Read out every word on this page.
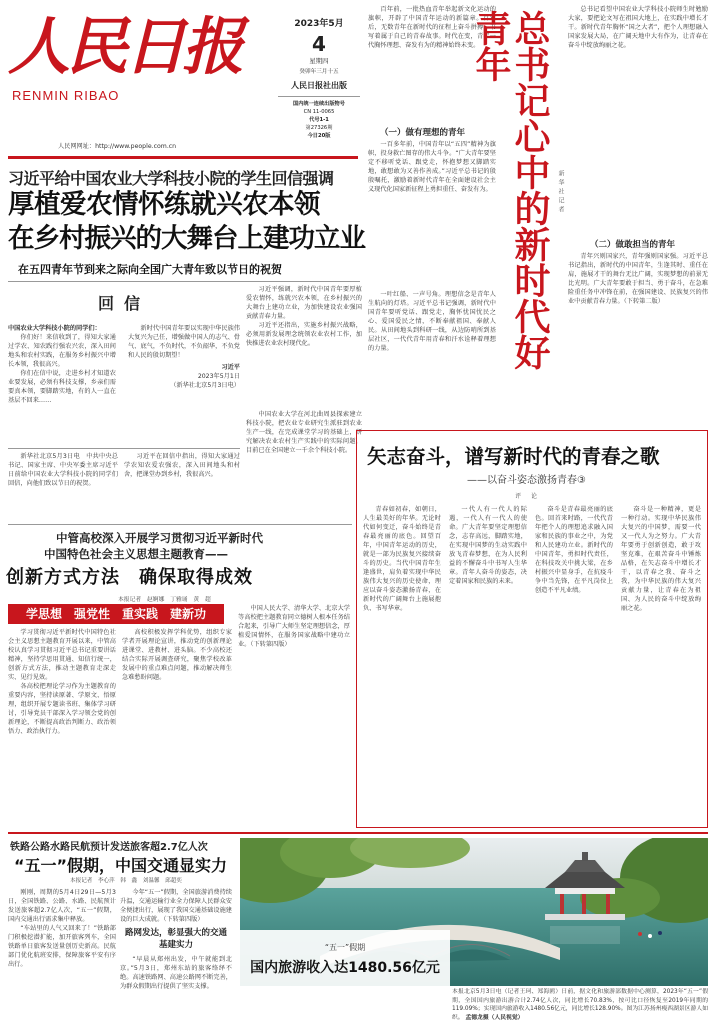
人民日报
RENMIN RIBAO
人民网网址：http://www.people.com.cn
2023年5月
4
星期四
癸卯年三月十五
人民日报社出版
国内统一连续出版物号
CN 11-0065
代号1-1
第27326期
今日20版

百年前，一批热血青年举起新文化运动的旗帜，开辟了中国青年运动的新篇章。百年后，无数青年在新时代的征程上奋斗拼搏，书写着属于自己的青春故事。时代在变，青年一代胸怀理想、奋发有为的精神始终未变。

（一）做有理想的青年

一百多年前，中国青年以“五四”精神为旗帜，投身救亡图存的伟大斗争。“广大青年要坚定不移听党话、跟党走，怀抱梦想又脚踏实地，敢想敢为又善作善成。”习近平总书记的殷殷嘱托，激励着新时代青年在全面建设社会主义现代化国家新征程上勇担重任、奋发有为。

一叶红船、一声号角。理想信念是青年人生航向的灯塔。习近平总书记强调，新时代中国青年要听党话、跟党走，胸怀忧国忧民之心、爱国爱民之情，不断奉献祖国、奉献人民。从田间地头到科研一线，从边防哨所到基层社区，一代代青年用青春和汗水诠释着理想的力量。	总书记心中的新时代好青年
新华社记者

总书记看望中国农业大学科技小院师生时勉励大家，要把论文写在祖国大地上，在实践中增长才干。新时代青年胸怀“国之大者”，把个人理想融入国家发展大局，在广阔天地中大有作为，让青春在奋斗中绽放绚丽之花。

（二）做敢担当的青年

青年兴则国家兴，青年强则国家强。习近平总书记指出，新时代的中国青年，生逢其时、重任在肩，施展才干的舞台无比广阔，实现梦想的前景无比光明。广大青年要敢于担当、勇于奋斗，在急难险重任务中冲锋在前，在强国建设、民族复兴的伟业中贡献青春力量。（下转第二版）

习近平给中国农业大学科技小院的学生回信强调
厚植爱农情怀练就兴农本领
在乡村振兴的大舞台上建功立业
在五四青年节到来之际向全国广大青年致以节日的祝贺
回信
中国农业大学科技小院的同学们：

你们好！来信收到了，得知大家通过学农、知农践行强农兴农，深入田间地头和农村实践，在服务乡村振兴中增长本领，我很高兴。

你们在信中说，走进乡村才知道农业要发展，必须有科技支撑，乡亲们需要真本领，要脚踏实地，有的人一直在基层不回来……

新时代中国青年要以实现中华民族伟大复兴为己任，增强做中国人的志气、骨气、底气，不负时代，不负韶华，不负党和人民的殷切期望！

习近平
2023年5月1日
（新华社北京5月3日电）

新华社北京5月3日电　中共中央总书记、国家主席、中央军委主席习近平日前给中国农业大学科技小院的同学们回信，向他们致以节日的祝贺。

习近平在回信中指出，得知大家通过学农知农爱农强农，深入田间地头和村舍，把课堂办到乡村，我很高兴。

习近平强调，新时代中国青年要厚植爱农情怀，练就兴农本领，在乡村振兴的大舞台上建功立业，为加快建设农业强国贡献青春力量。

习近平还指出，实施乡村振兴战略，必须用新发展理念统领农业农村工作，加快推进农业农村现代化。

中国农业大学在河北曲周县探索建立科技小院，把农业专业研究生派驻到农业生产一线，在完成课堂学习的基础上，研究解决农业农村生产实践中的实际问题，目前已在全国建立一千余个科技小院。 矢志奋斗，谱写新时代的青春之歌
——以奋斗姿态激扬青春③
评　论

青春如初春，如朝日，人生最美好的年华。无论时代如何变迁，奋斗始终是青春最亮丽的底色。回望百年，中国青年运动的历史，就是一部为民族复兴接续奋斗的历史。当代中国青年生逢盛世，肩负着实现中华民族伟大复兴的历史使命，理应以奋斗姿态激扬青春，在新时代的广阔舞台上施展抱负、书写华章。

一代人有一代人的际遇，一代人有一代人的使命。广大青年要坚定理想信念，志存高远，脚踏实地，在实现中国梦的生动实践中放飞青春梦想，在为人民利益的不懈奋斗中书写人生华章。青年人奋斗的姿态，决定着国家和民族的未来。

奋斗是青春最亮丽的底色。回首来时路，一代代青年把个人的理想追求融入国家和民族的事业之中，为党和人民建功立业。新时代的中国青年，勇担时代责任，在科技攻关中挑大梁，在乡村振兴中显身手，在抗疫斗争中当先锋，在平凡岗位上创造不平凡业绩。

奋斗是一种精神，更是一种行动。实现中华民族伟大复兴的中国梦，需要一代又一代人为之努力。广大青年要勇于创新创造，敢于攻坚克难，在艰苦奋斗中锤炼品格，在矢志奋斗中增长才干，以青春之我、奋斗之我，为中华民族的伟大复兴贡献力量，让青春在为祖国、为人民的奋斗中绽放绚丽之花。

中管高校深入开展学习贯彻习近平新时代
中国特色社会主义思想主题教育——
创新方式方法　确保取得成效
本报记者　赵婀娜　丁雅诵　黄　超
学思想　强党性　重实践　建新功

学习贯彻习近平新时代中国特色社会主义思想主题教育开展以来，中管高校认真学习贯彻习近平总书记重要讲话精神，坚持学思用贯通、知信行统一，创新方式方法，推动主题教育走深走实、见行见效。

各高校把理论学习作为主题教育的重要内容，坚持读原著、学原文、悟原理，组织开展专题读书班、集体学习研讨，引导党员干部深入学习领会党的创新理论，不断提高政治判断力、政治领悟力、政治执行力。

高校积极发挥学科优势，组织专家学者开展理论宣讲，推动党的创新理论进课堂、进教材、进头脑。不少高校还结合实际开展调查研究，聚焦学校改革发展中的重点难点问题，推动解决师生急难愁盼问题。

中国人民大学、清华大学、北京大学等高校把主题教育同立德树人根本任务结合起来，引导广大师生坚定理想信念，厚植爱国情怀，在服务国家战略中建功立业。（下转第四版）

铁路公路水路民航预计发送旅客超2.7亿人次
“五一”假期，中国交通显实力
本报记者　李心萍　韩　鑫　刘温馨　邱超奕

刚刚，周期的5月4日29日—5月3日，全国铁路、公路、水路、民航预计发送旅客超2.7亿人次，“五一”假期，国内交通出行需求集中释放。

“车站里的人气又回来了！”铁路部门积极挖潜扩能，加开旅客列车，全国铁路单日旅客发送量创历史新高。民航部门优化航班安排，保障旅客平安有序出行。

今年“五一”假期，全国旅游消费持续升温，交通运输行业全力保障人民群众安全便捷出行，展现了我国交通基础设施建设的巨大成就。（下转第四版）

路网发达，彰显强大的交通基建实力

“早晨从郑州出发，中午就能到北京。”5月3日，郑州东站的旅客络绎不绝。高速铁路网、高速公路网不断完善，为群众假期出行提供了坚实支撑。

“五一”假期
国内旅游收入达1480.56亿元
本报北京5月3日电（记者王珂、郑海鸥）日前，据文化和旅游部数据中心测算，2023年“五一”假期，全国国内旅游出游合计2.74亿人次，同比增长70.83%，按可比口径恢复至2019年同期的119.09%；实现国内旅游收入1480.56亿元，同比增长128.90%。图为江苏扬州瘦西湖景区游人如织。 孟德龙摄（人民视觉）
